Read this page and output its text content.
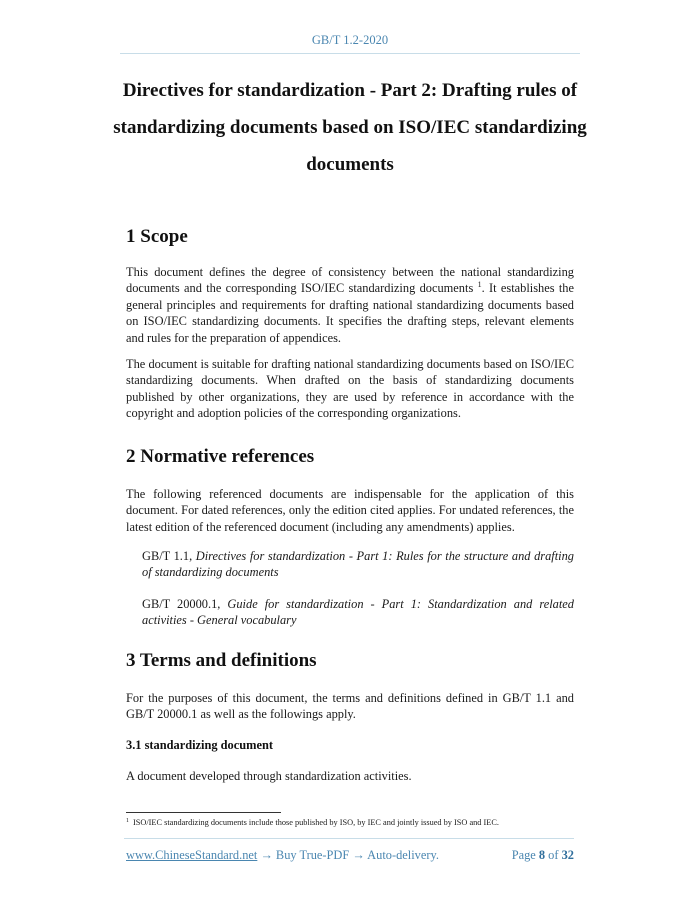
GB/T 1.2-2020
Directives for standardization - Part 2: Drafting rules of standardizing documents based on ISO/IEC standardizing documents
1 Scope
This document defines the degree of consistency between the national standardizing documents and the corresponding ISO/IEC standardizing documents $^1$. It establishes the general principles and requirements for drafting national standardizing documents based on ISO/IEC standardizing documents. It specifies the drafting steps, relevant elements and rules for the preparation of appendices.
The document is suitable for drafting national standardizing documents based on ISO/IEC standardizing documents. When drafted on the basis of standardizing documents published by other organizations, they are used by reference in accordance with the copyright and adoption policies of the corresponding organizations.
2 Normative references
The following referenced documents are indispensable for the application of this document. For dated references, only the edition cited applies. For undated references, the latest edition of the referenced document (including any amendments) applies.
GB/T 1.1, Directives for standardization - Part 1: Rules for the structure and drafting of standardizing documents
GB/T 20000.1, Guide for standardization - Part 1: Standardization and related activities - General vocabulary
3 Terms and definitions
For the purposes of this document, the terms and definitions defined in GB/T 1.1 and GB/T 20000.1 as well as the followings apply.
3.1 standardizing document
A document developed through standardization activities.
$^1$ ISO/IEC standardizing documents include those published by ISO, by IEC and jointly issued by ISO and IEC.
www.ChineseStandard.net → Buy True-PDF → Auto-delivery.	Page 8 of 32
